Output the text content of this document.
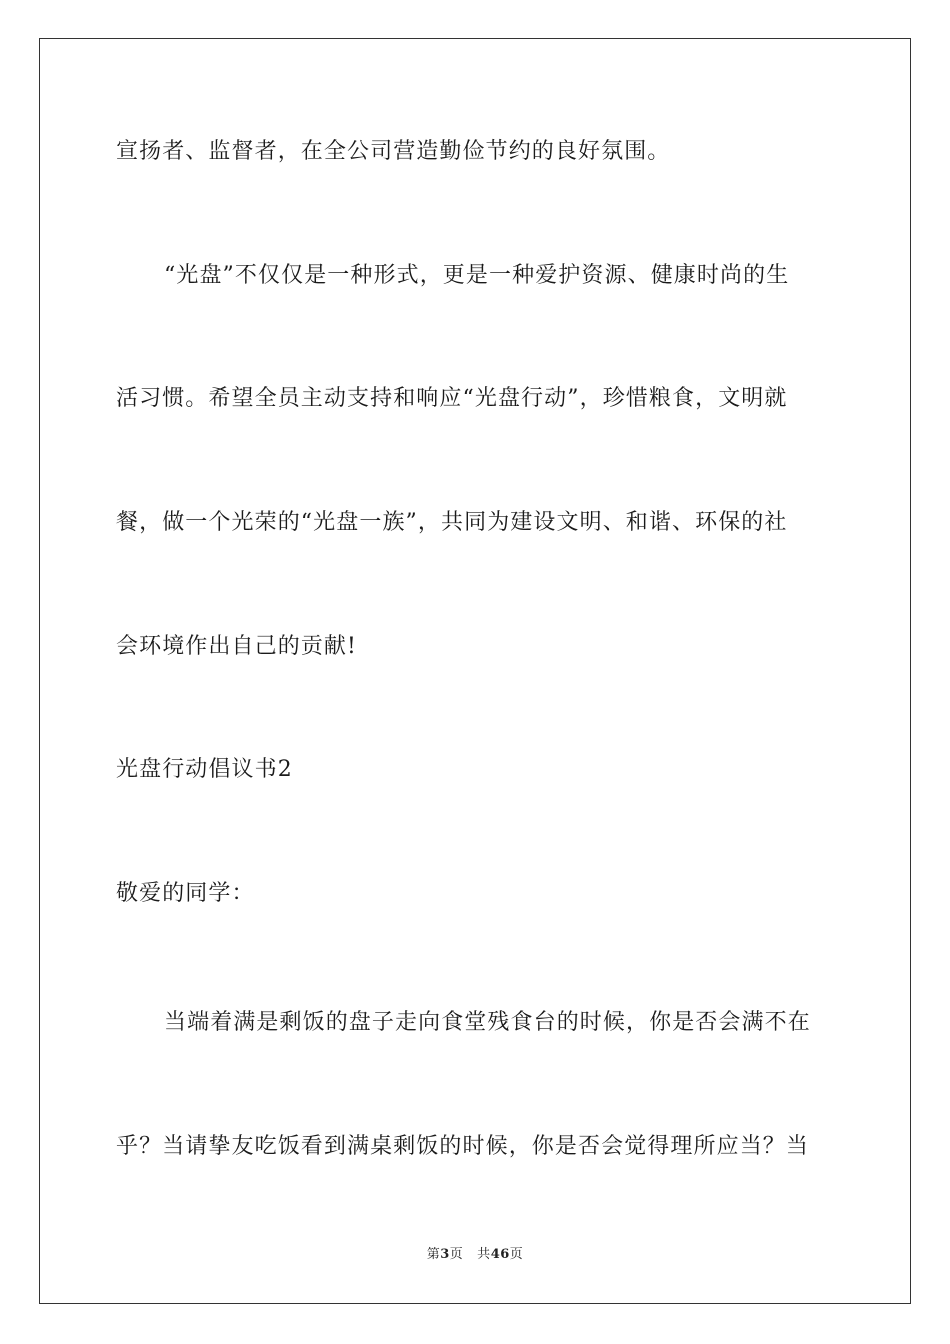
宣扬者、监督者，在全公司营造勤俭节约的良好氛围。
“光盘”不仅仅是一种形式，更是一种爱护资源、健康时尚的生
活习惯。希望全员主动支持和响应“光盘行动”，珍惜粮食，文明就
餐，做一个光荣的“光盘一族”，共同为建设文明、和谐、环保的社
会环境作出自己的贡献!
光盘行动倡议书2
敬爱的同学：
当端着满是剩饭的盘子走向食堂残食台的时候，你是否会满不在
乎？当请挚友吃饭看到满桌剩饭的时候，你是否会觉得理所应当？当
第3页 共46页
